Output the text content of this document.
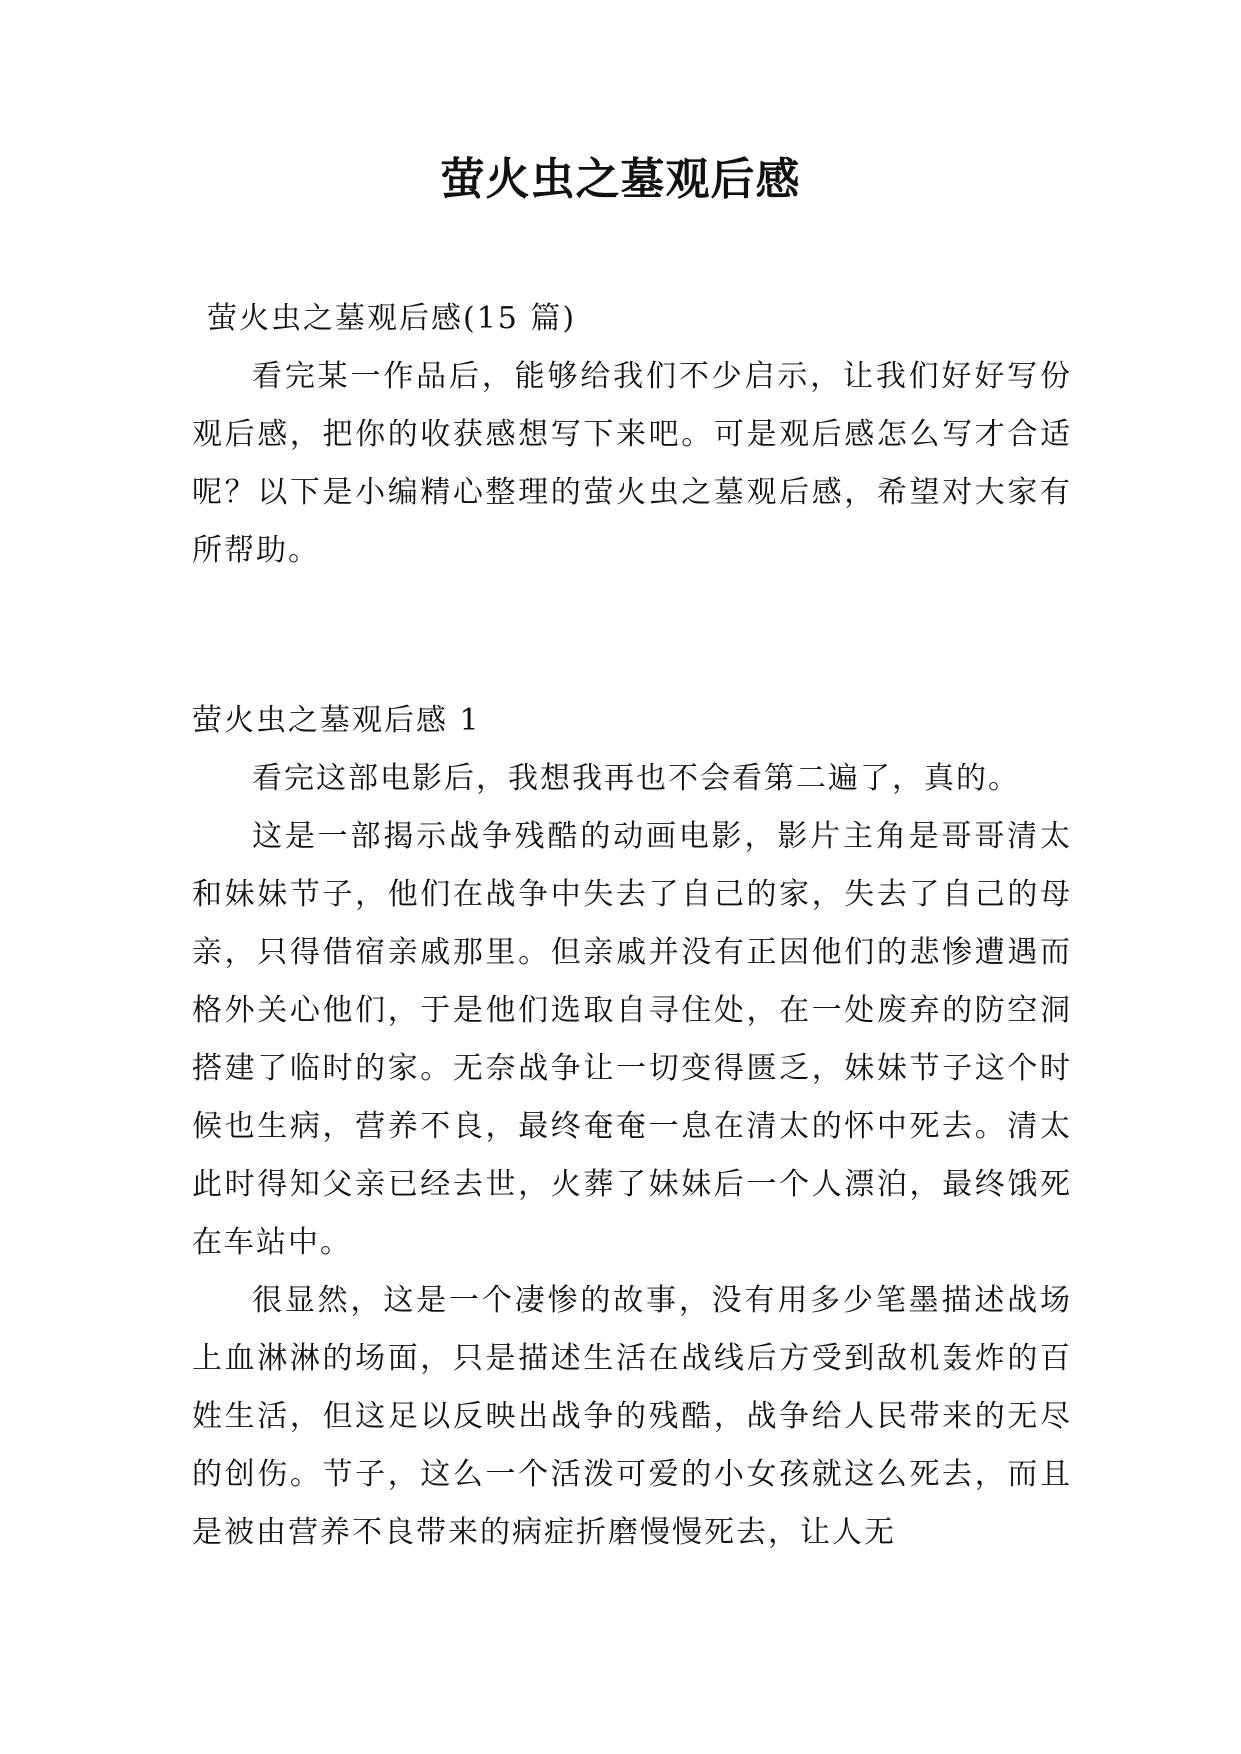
萤火虫之墓观后感

萤火虫之墓观后感(15 篇)

看完某一作品后，能够给我们不少启示，让我们好好写份观后感，把你的收获感想写下来吧。可是观后感怎么写才合适呢？以下是小编精心整理的萤火虫之墓观后感，希望对大家有所帮助。

萤火虫之墓观后感 1

看完这部电影后，我想我再也不会看第二遍了，真的。

这是一部揭示战争残酷的动画电影，影片主角是哥哥清太和妹妹节子，他们在战争中失去了自己的家，失去了自己的母亲，只得借宿亲戚那里。但亲戚并没有正因他们的悲惨遭遇而格外关心他们，于是他们选取自寻住处，在一处废弃的防空洞搭建了临时的家。无奈战争让一切变得匮乏，妹妹节子这个时候也生病，营养不良，最终奄奄一息在清太的怀中死去。清太此时得知父亲已经去世，火葬了妹妹后一个人漂泊，最终饿死在车站中。

很显然，这是一个凄惨的故事，没有用多少笔墨描述战场上血淋淋的场面，只是描述生活在战线后方受到敌机轰炸的百姓生活，但这足以反映出战争的残酷，战争给人民带来的无尽的创伤。节子，这么一个活泼可爱的小女孩就这么死去，而且是被由营养不良带来的病症折磨慢慢死去，让人无
